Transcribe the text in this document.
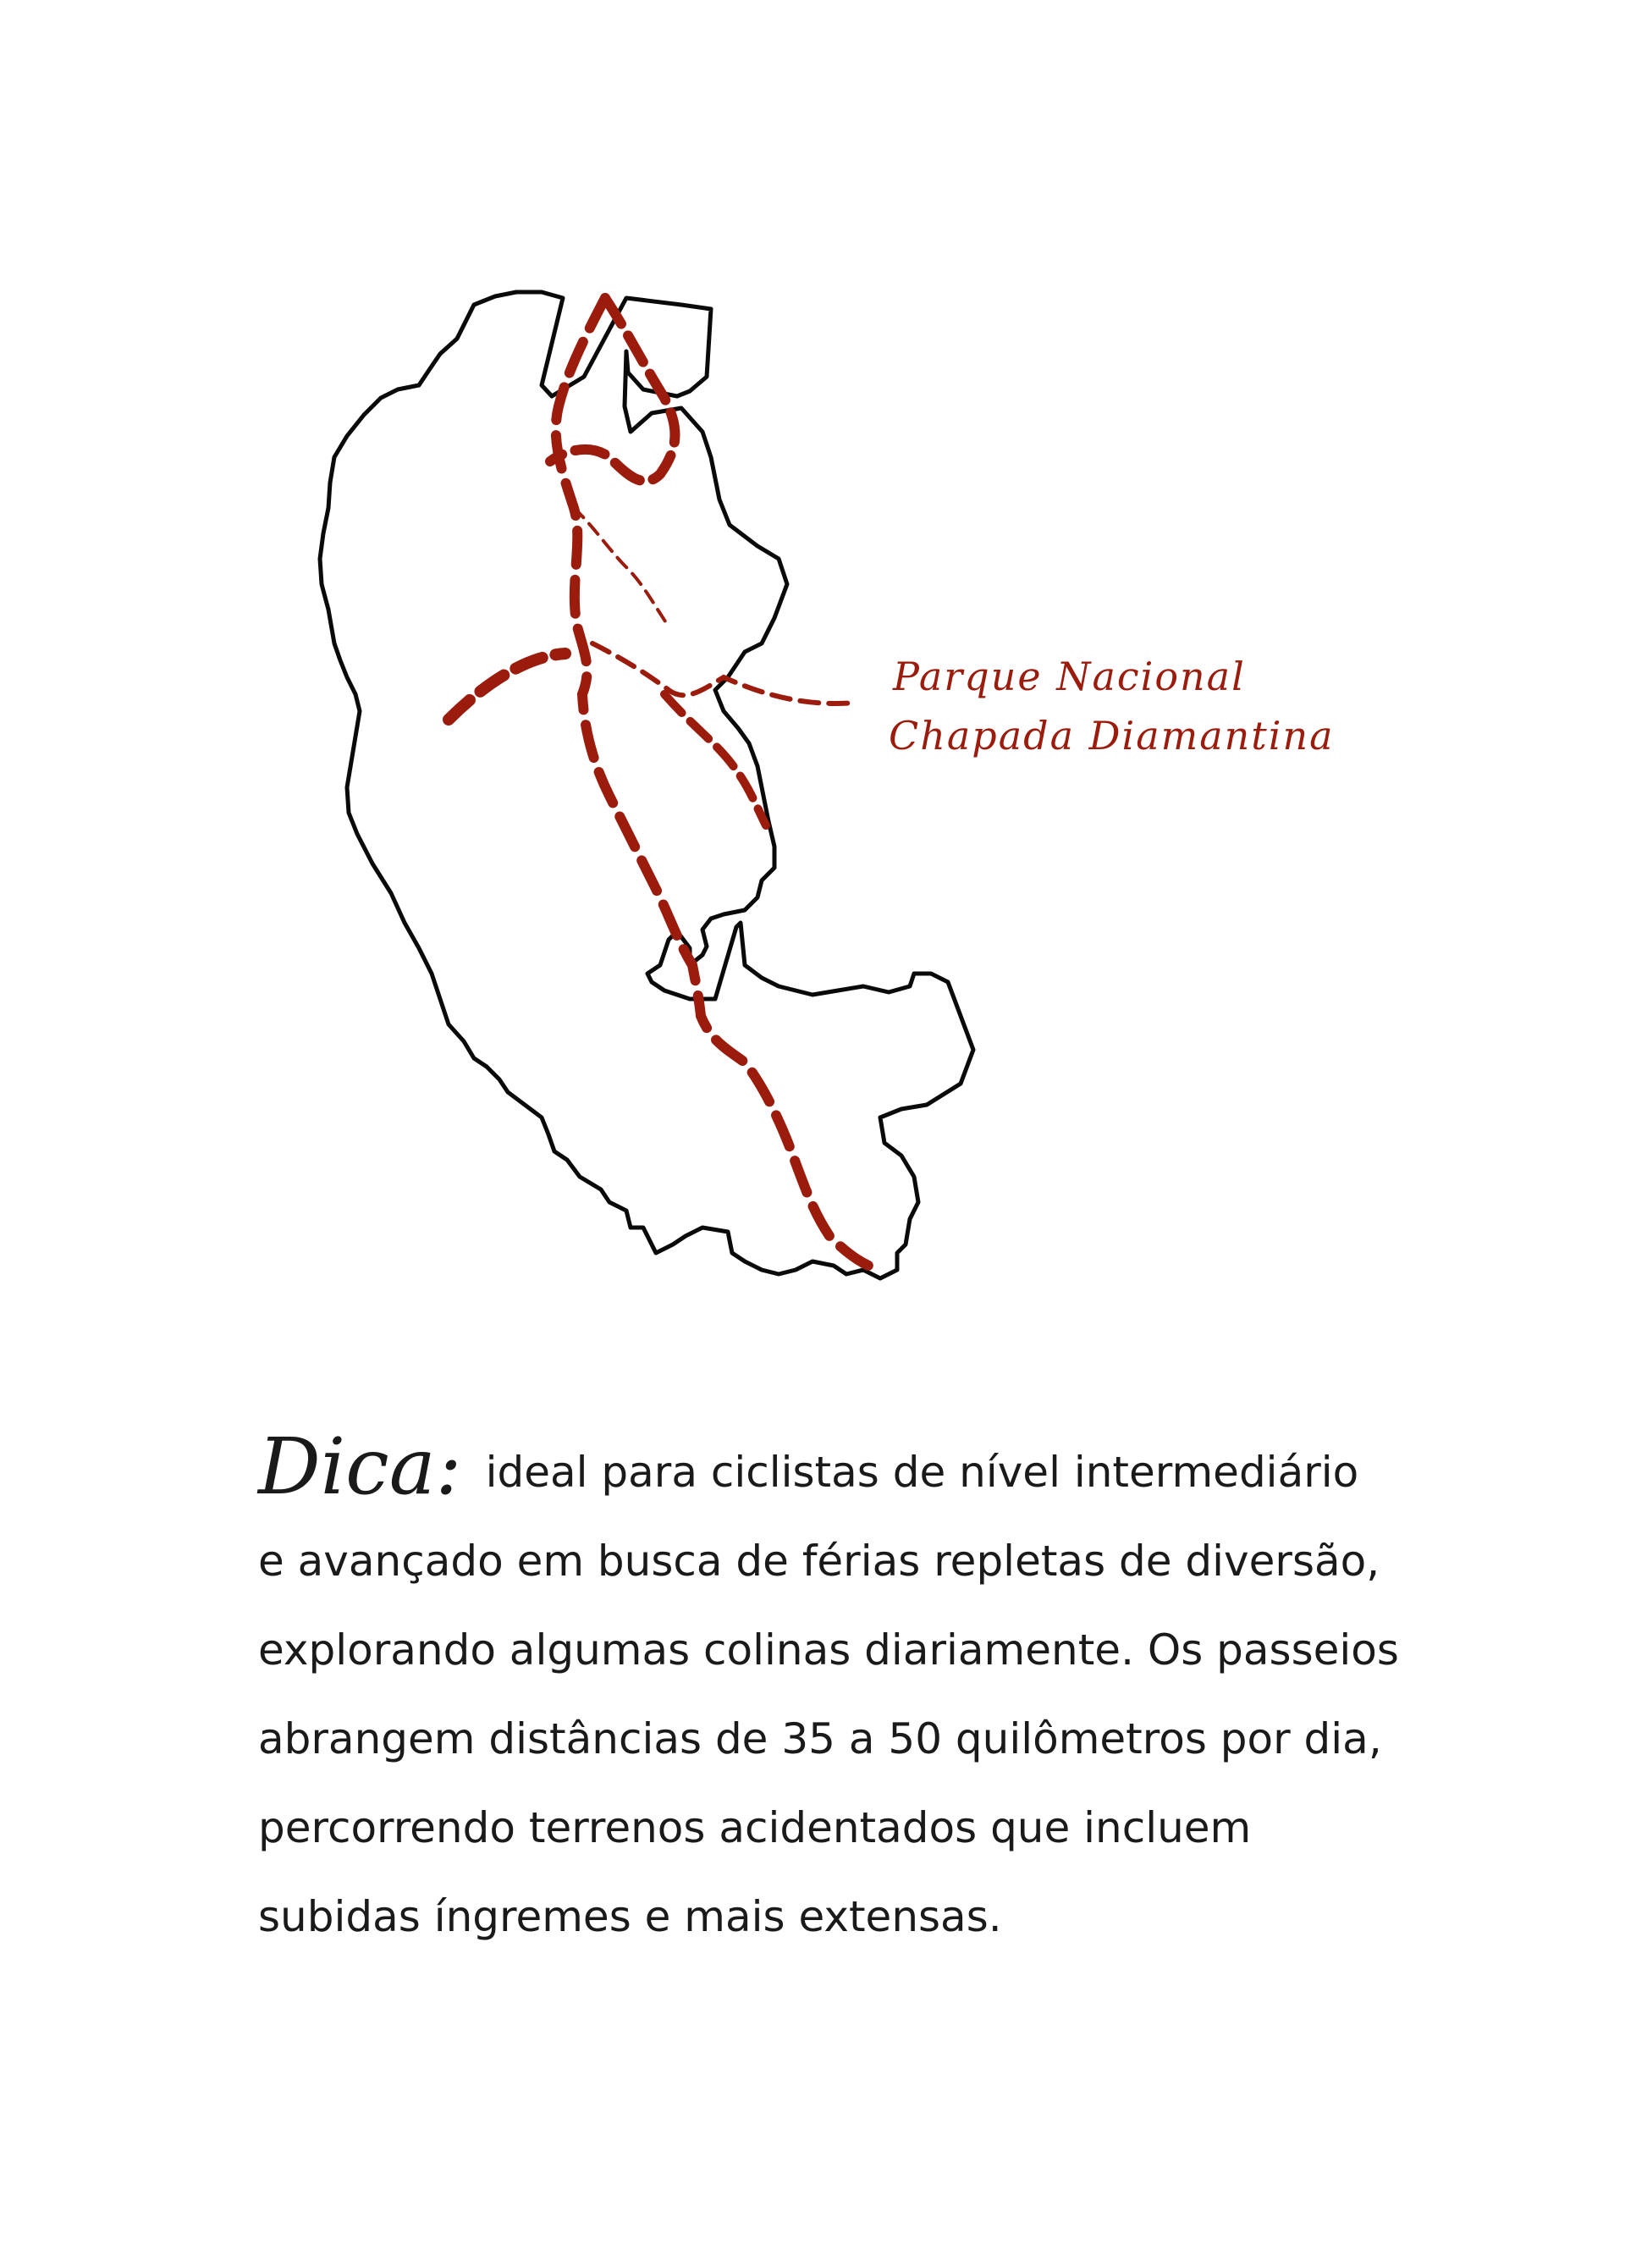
Parque Nacional
Chapada Diamantina
Dica: ideal para ciclistas de nível intermediário
e avançado em busca de férias repletas de diversão,
explorando algumas colinas diariamente. Os passeios
abrangem distâncias de 35 a 50 quilômetros por dia,
percorrendo terrenos acidentados que incluem
subidas íngremes e mais extensas.
